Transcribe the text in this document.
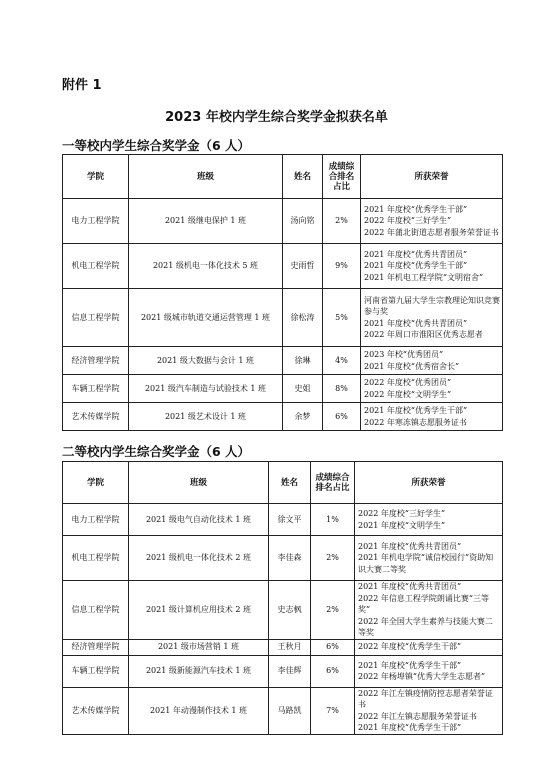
附件 1
2023 年校内学生综合奖学金拟获名单
一等校内学生综合奖学金（6 人）
学院	班级	姓名	成绩综合排名占比	所获荣誉
电力工程学院	2021 级继电保护 1 班	汤向铭	2%	2021 年度校“优秀学生干部”
2022 年度校“三好学生”
2022 年蒲北街道志愿者服务荣誉证书

机电工程学院	2021 级机电一体化技术 5 班	史雨哲	9%	2021 年度校“优秀共青团员”
2021 年度校“优秀学生干部”
2021 年机电工程学院“文明宿舍”

信息工程学院	2021 级城市轨道交通运营管理 1 班	徐松涛	5%	河南省第九届大学生宗教理论知识竞赛参与奖
2021 年度校“优秀共青团员”
2022 年周口市淮阳区优秀志愿者

经济管理学院	2021 级大数据与会计 1 班	徐琳	4%	2023 年校“优秀团员”
2021 年度校“优秀宿舍长”

车辆工程学院	2021 级汽车制造与试验技术 1 班	史姐	8%	2022 年度校“优秀团员”
2022 年度校“文明学生”

艺术传媒学院	2021 级艺术设计 1 班	余梦	6%	2021 年度校“优秀学生干部”
2022 年寒冻镇志愿服务证书
二等校内学生综合奖学金（6 人）
学院	班级	姓名	成绩综合排名占比	所获荣誉
电力工程学院	2021 级电气自动化技术 1 班	徐文平	1%	2022 年度校“三好学生”
2021 年度校“文明学生”

机电工程学院	2021 级机电一体化技术 2 班	李佳森	2%	2021 年度校“优秀共青团员”
2021 年机电学院“诚信校园行”资助知识大赛二等奖

信息工程学院	2021 级计算机应用技术 2 班	史志枫	2%	2021 年度校“优秀共青团员”
2022 年信息工程学院朗诵比赛“三等奖”
2022 年全国大学生素养与技能大赛二等奖

经济管理学院	2021 级市场营销 1 班	王秋月	6%	2022 年度校“优秀学生干部”

车辆工程学院	2021 级新能源汽车技术 1 班	李佳辉	6%	2021 年度校“优秀学生干部”
2022 年杨埠镇“优秀大学生志愿者”

艺术传媒学院	2021 年动漫制作技术 1 班	马路凯	7%	2022 年江左镇疫情防控志愿者荣誉证书
2022 年江左镇志愿服务荣誉证书
2021 年度校“优秀学生干部”
